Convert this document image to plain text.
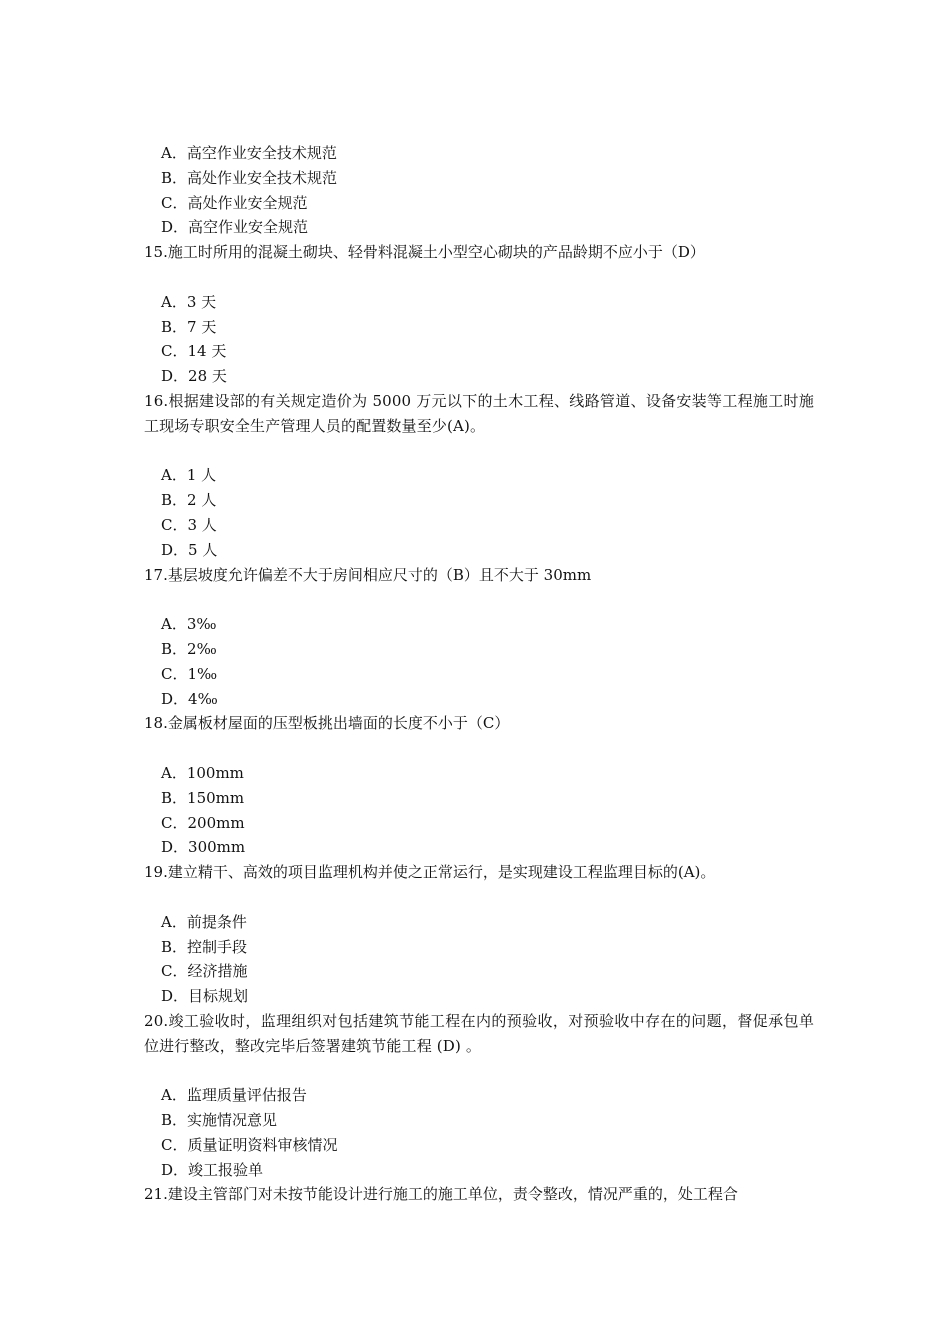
A．高空作业安全技术规范
B．高处作业安全技术规范
C．高处作业安全规范
D．高空作业安全规范
15.施工时所用的混凝土砌块、轻骨料混凝土小型空心砌块的产品龄期不应小于（D）
A．3 天
B．7 天
C．14 天
D．28 天
16.根据建设部的有关规定造价为 5000 万元以下的土木工程、线路管道、设备安装等工程施工时施工现场专职安全生产管理人员的配置数量至少(A)。
A．1 人
B．2 人
C．3 人
D．5 人
17.基层坡度允许偏差不大于房间相应尺寸的（B）且不大于 30mm
A．3‰
B．2‰
C．1‰
D．4‰
18.金属板材屋面的压型板挑出墙面的长度不小于（C）
A．100mm
B．150mm
C．200mm
D．300mm
19.建立精干、高效的项目监理机构并使之正常运行，是实现建设工程监理目标的(A)。
A．前提条件
B．控制手段
C．经济措施
D．目标规划
20.竣工验收时，监理组织对包括建筑节能工程在内的预验收，对预验收中存在的问题，督促承包单位进行整改，整改完毕后签署建筑节能工程 (D) 。
A．监理质量评估报告
B．实施情况意见
C．质量证明资料审核情况
D．竣工报验单
21.建设主管部门对未按节能设计进行施工的施工单位，责令整改，情况严重的，处工程合
